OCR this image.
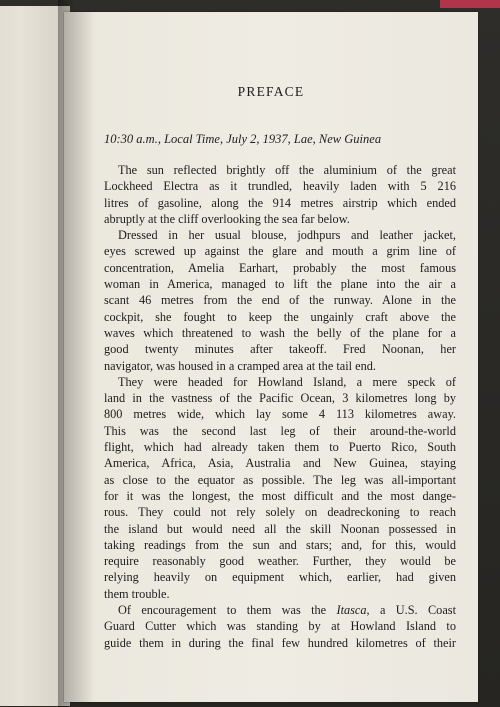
PREFACE
10:30 a.m., Local Time, July 2, 1937, Lae, New Guinea

The sun reflected brightly off the aluminium of the great
Lockheed Electra as it trundled, heavily laden with 5 216
litres of gasoline, along the 914 metres airstrip which ended
abruptly at the cliff overlooking the sea far below.

Dressed in her usual blouse, jodhpurs and leather jacket,
eyes screwed up against the glare and mouth a grim line of
concentration, Amelia Earhart, probably the most famous
woman in America, managed to lift the plane into the air a
scant 46 metres from the end of the runway. Alone in the
cockpit, she fought to keep the ungainly craft above the
waves which threatened to wash the belly of the plane for a
good twenty minutes after takeoff. Fred Noonan, her
navigator, was housed in a cramped area at the tail end.

They were headed for Howland Island, a mere speck of
land in the vastness of the Pacific Ocean, 3 kilometres long by
800 metres wide, which lay some 4 113 kilometres away.
This was the second last leg of their around-the-world
flight, which had already taken them to Puerto Rico, South
America, Africa, Asia, Australia and New Guinea, staying
as close to the equator as possible. The leg was all-important
for it was the longest, the most difficult and the most dange-
rous. They could not rely solely on deadreckoning to reach
the island but would need all the skill Noonan possessed in
taking readings from the sun and stars; and, for this, would
require reasonably good weather. Further, they would be
relying heavily on equipment which, earlier, had given
them trouble.

Of encouragement to them was the Itasca, a U.S. Coast
Guard Cutter which was standing by at Howland Island to
guide them in during the final few hundred kilometres of their
